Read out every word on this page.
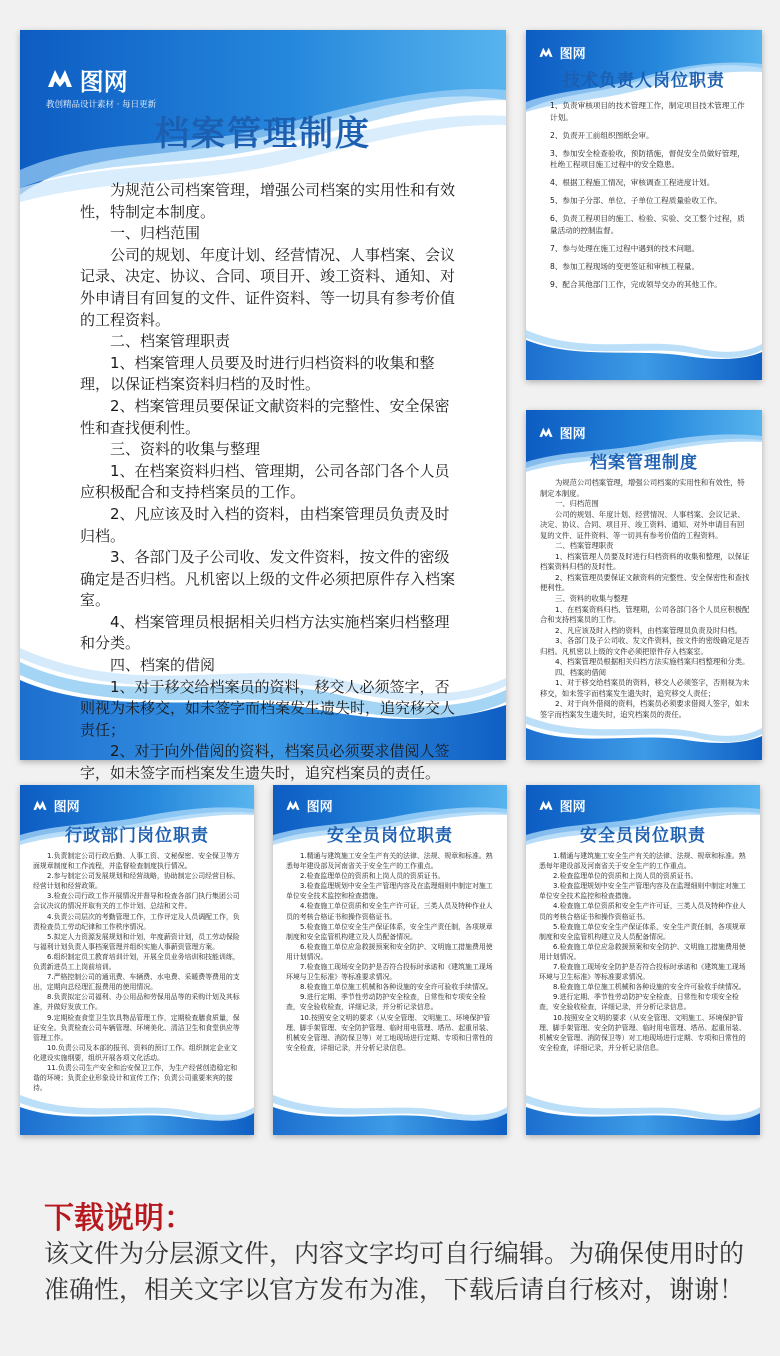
图网
教创精品设计素材 · 每日更新
档案管理制度
为规范公司档案管理，增强公司档案的实用性和有效性，特制定本制度。
一、归档范围
公司的规划、年度计划、经营情况、人事档案、会议记录、决定、协议、合同、项目开、竣工资料、通知、对外申请目有回复的文件、证件资料、等一切具有参考价值的工程资料。
二、档案管理职责
1、档案管理人员要及时进行归档资料的收集和整理，以保证档案资料归档的及时性。
2、档案管理员要保证文献资料的完整性、安全保密性和查找便利性。
三、资料的收集与整理
1、在档案资料归档、管理期，公司各部门各个人员应积极配合和支持档案员的工作。
2、凡应该及时入档的资料，由档案管理员负责及时归档。
3、各部门及子公司收、发文件资料，按文件的密级确定是否归档。凡机密以上级的文件必须把原件存入档案室。
4、档案管理员根据相关归档方法实施档案归档整理和分类。
四、档案的借阅
1、对于移交给档案员的资料，移交人必须签字，否则视为未移交，如未签字而档案发生遗失时，追究移交人责任；
2、对于向外借阅的资料，档案员必须要求借阅人签字，如未签字而档案发生遗失时，追究档案员的责任。
图网
技术负责人岗位职责
1、负责审核项目的技术管理工作，制定项目技术管理工作计划。
2、负责开工前组织图纸会审。
3、参加安全检查验收，预防措施，督促安全员做好管理，杜绝工程项目施工过程中的安全隐患。
4、根据工程施工情况，审核调查工程进度计划。
5、参加子分部、单位、子单位工程质量验收工作。
6、负责工程项目的施工、检验、实验、交工整个过程，质量活动的控制监督。
7、参与处理在施工过程中遇到的技术问题。
8、参加工程现场的变更签证和审核工程量。
9、配合其他部门工作，完成领导交办的其他工作。
图网
档案管理制度
为规范公司档案管理，增强公司档案的实用性和有效性，特制定本制度。
一、归档范围
公司的规划、年度计划、经营情况、人事档案、会议记录、决定、协议、合同、项目开、竣工资料、通知、对外申请目有回复的文件、证件资料、等一切具有参考价值的工程资料。
二、档案管理职责
1、档案管理人员要及时进行归档资料的收集和整理，以保证档案资料归档的及时性。
2、档案管理员要保证文献资料的完整性、安全保密性和查找便利性。
三、资料的收集与整理
1、在档案资料归档、管理期，公司各部门各个人员应积极配合和支持档案员的工作。
2、凡应该及时入档的资料，由档案管理员负责及时归档。
3、各部门及子公司收、发文件资料，按文件的密级确定是否归档。凡机密以上级的文件必须把原件存入档案室。
4、档案管理员根据相关归档方法实施档案归档整理和分类。
四、档案的借阅
1、对于移交给档案员的资料，移交人必须签字，否则视为未移交，如未签字而档案发生遗失时，追究移交人责任；
2、对于向外借阅的资料，档案员必须要求借阅人签字，如未签字而档案发生遗失时，追究档案员的责任。
图网
行政部门岗位职责
1.负责制定公司行政后勤、人事工资、文秘保密、安全保卫等方面规章制度和工作流程，并监督检查制度执行情况。
2.参与制定公司发展规划和经营战略，协助制定公司经营目标、经营计划和经营政策。
3.检查公司行政工作开展情况并督导和检查各部门执行集团公司会议决议的情况并取有关的工作计划、总结和文件。
4.负责公司层次的考勤管理工作，工作评定及人员调配工作，负责检查员工劳动纪律和工作秩序情况。
5.拟定人力资源发展规划和计划，年度薪资计划，员工劳动保险与福利计划负责人事档案管理并组织实施人事薪资管理方案。
6.组织制定员工教育培训计划，开展全员业务培训和技能训练，负责新进员工上岗前培训。
7.严格控制公司的通讯费、车辆费、水电费、采暖费等费用的支出，定期向总经理汇报费用的使用情况。
8.负责拟定公司福利、办公用品和劳保用品等的采购计划及其标准，并做好发放工作。
9.定期检查食堂卫生饮具物品管理工作，定期检查膳食质量，保证安全。负责检查公司车辆管理、环境美化、清洁卫生和食堂供应等管理工作。
10.负责公司及本部的报刊、资料的预订工作。组织制定企业文化建设实施纲要，组织开展各项文化活动。
11.负责公司生产安全和治安保卫工作，为生产经营创造稳定和谐的环境；负责企业形象设计和宣传工作；负责公司重要来宾的接待。
图网
安全员岗位职责
1.精通与建筑施工安全生产有关的法律、法规、规章和标准。熟悉每年建设部及河南省关于安全生产的工作重点。
2.检查监理单位的资质和上岗人员的资质证书。
3.检查监理规划中安全生产管理内容及在监理细则中制定对施工单位安全技术监控和检查措施。
4.检查施工单位资质和安全生产许可证，三类人员及特种作业人员的考核合格证书和操作资格证书。
5.检查施工单位安全生产保证体系，安全生产责任制，各项规章制度和安全监管机构建立及人员配备情况。
6.检查施工单位应急救援预案和安全防护、文明施工措施费用使用计划情况。
7.检查施工现场安全防护是否符合投标时承诺和《建筑施工现场环境与卫生标准》等标准要求情况。
8.检查施工单位施工机械和各种设施的安全许可验收手续情况。
9.进行定期、季节性劳动防护安全检查，日常性和专项安全检查，安全验收检查，详细记录，并分析记录信息。
10.按照安全文明的要求（从安全管理、文明施工、环境保护管理、脚手架管理、安全防护管理、临时用电管理、塔吊、起重吊装、机械安全管理、消防保卫等）对工地现场进行定期、专项和日常性的安全检查，详细记录，并分析记录信息。
图网
安全员岗位职责
1.精通与建筑施工安全生产有关的法律、法规、规章和标准。熟悉每年建设部及河南省关于安全生产的工作重点。
2.检查监理单位的资质和上岗人员的资质证书。
3.检查监理规划中安全生产管理内容及在监理细则中制定对施工单位安全技术监控和检查措施。
4.检查施工单位资质和安全生产许可证，三类人员及特种作业人员的考核合格证书和操作资格证书。
5.检查施工单位安全生产保证体系，安全生产责任制，各项规章制度和安全监管机构建立及人员配备情况。
6.检查施工单位应急救援预案和安全防护、文明施工措施费用使用计划情况。
7.检查施工现场安全防护是否符合投标时承诺和《建筑施工现场环境与卫生标准》等标准要求情况。
8.检查施工单位施工机械和各种设施的安全许可验收手续情况。
9.进行定期、季节性劳动防护安全检查，日常性和专项安全检查，安全验收检查，详细记录，并分析记录信息。
10.按照安全文明的要求（从安全管理、文明施工、环境保护管理、脚手架管理、安全防护管理、临时用电管理、塔吊、起重吊装、机械安全管理、消防保卫等）对工地现场进行定期、专项和日常性的安全检查，详细记录，并分析记录信息。
下载说明：
该文件为分层源文件，内容文字均可自行编辑。为确保使用时的准确性，相关文字以官方发布为准，下载后请自行核对，谢谢！
